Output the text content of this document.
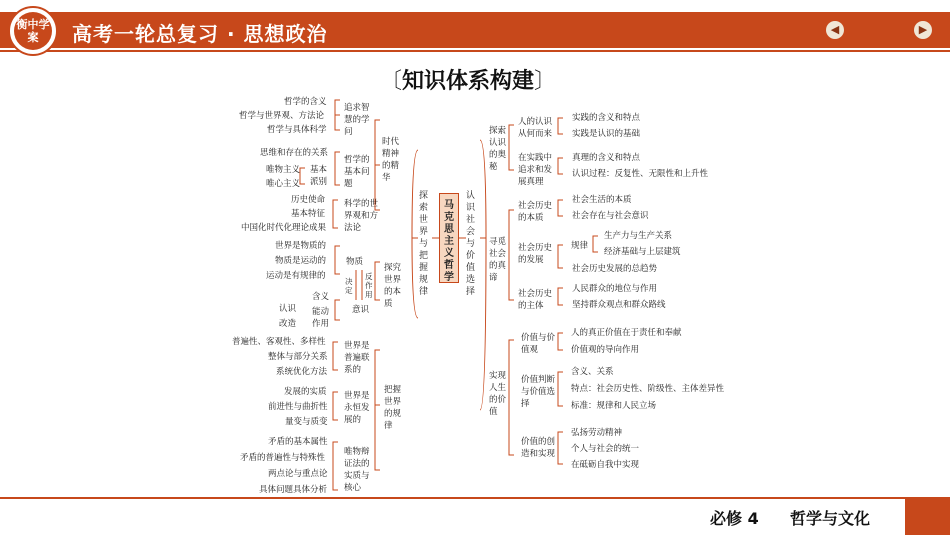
衡中学案	高考一轮总复习 · 思想政治	◀	▶
〔知识体系构建〕
马克思主义哲学
探索世界与把握规律
认识社会与价值选择
时代精神的精华
追求智慧的学问
哲学的含义
哲学与世界观、方法论
哲学与具体科学
哲学的基本问题
思维和存在的关系
唯物主义
唯心主义
基本派别
科学的世界观和方法论
历史使命
基本特征
中国化时代化理论成果
探究世界的本质
物质
世界是物质的
物质是运动的
运动是有规律的	反作用
决定
意识
含义
能动作用
认识
改造
把握世界的规律
世界是普遍联系的
普遍性、客观性、多样性
整体与部分关系
系统优化方法
世界是永恒发展的
发展的实质
前进性与曲折性
量变与质变
唯物辩证法的实质与核心
矛盾的基本属性
矛盾的普遍性与特殊性
两点论与重点论
具体问题具体分析
探索认识的奥秘
人的认识从何而来
实践的含义和特点
实践是认识的基础
在实践中追求和发展真理
真理的含义和特点
认识过程：反复性、无限性和上升性
寻觅社会的真谛
社会历史的本质
社会生活的本质
社会存在与社会意识
社会历史的发展
规律
生产力与生产关系
经济基础与上层建筑
社会历史发展的总趋势
社会历史的主体
人民群众的地位与作用
坚持群众观点和群众路线
实现人生的价值
价值与价值观
人的真正价值在于责任和奉献
价值观的导向作用
价值判断与价值选择
含义、关系
特点：社会历史性、阶级性、主体差异性
标准：规律和人民立场
价值的创造和实现
弘扬劳动精神
个人与社会的统一
在砥砺自我中实现
必修 4 哲学与文化
